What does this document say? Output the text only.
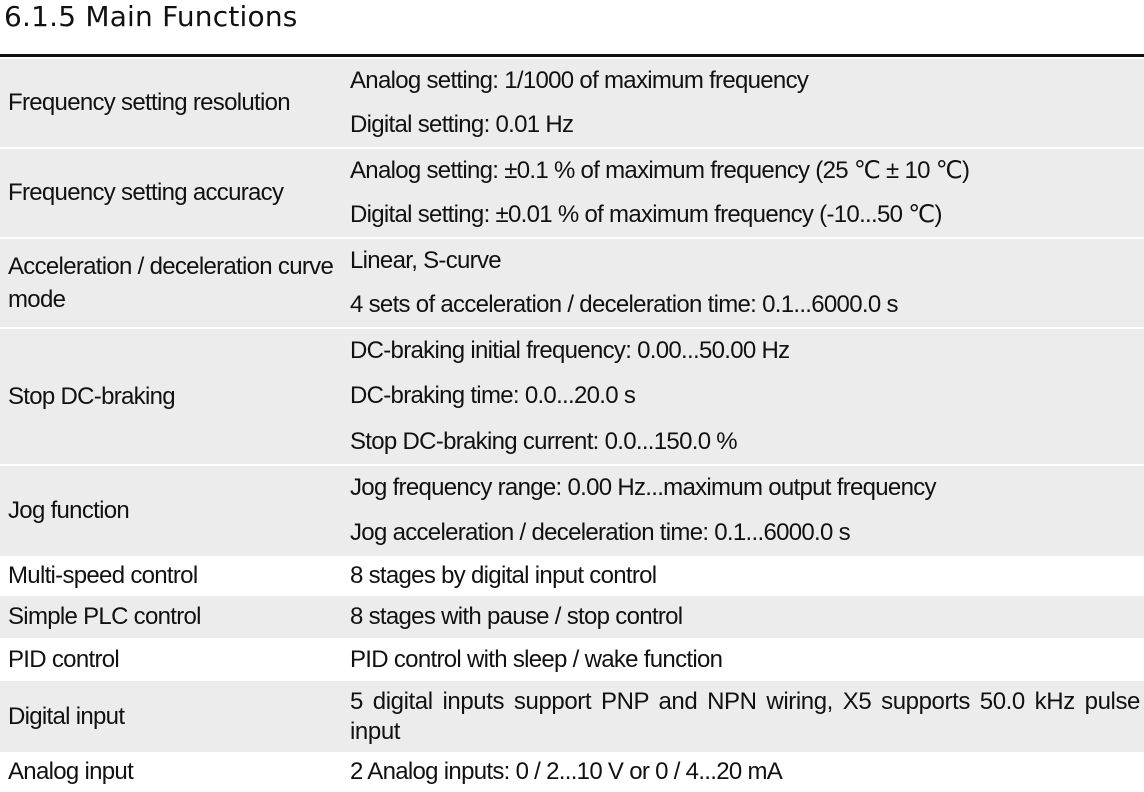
6.1.5 Main Functions
Frequency setting resolution	Analog setting: 1/1000 of maximum frequency
	Digital setting: 0.01 Hz
Frequency setting accuracy	Analog setting: ±0.1 % of maximum frequency (25 ℃ ± 10 ℃)
	Digital setting: ±0.01 % of maximum frequency (-10...50 ℃)
Acceleration / deceleration curve mode	Linear, S-curve
	4 sets of acceleration / deceleration time: 0.1...6000.0 s
Stop DC-braking	DC-braking initial frequency: 0.00...50.00 Hz
	DC-braking time: 0.0...20.0 s
	Stop DC-braking current: 0.0...150.0 %
Jog function	Jog frequency range: 0.00 Hz...maximum output frequency
	Jog acceleration / deceleration time: 0.1...6000.0 s
Multi-speed control	8 stages by digital input control
Simple PLC control	8 stages with pause / stop control
PID control	PID control with sleep / wake function
Digital input	5 digital inputs support PNP and NPN wiring, X5 supports 50.0 kHz pulse input
Analog input	2 Analog inputs: 0 / 2...10 V or 0 / 4...20 mA
